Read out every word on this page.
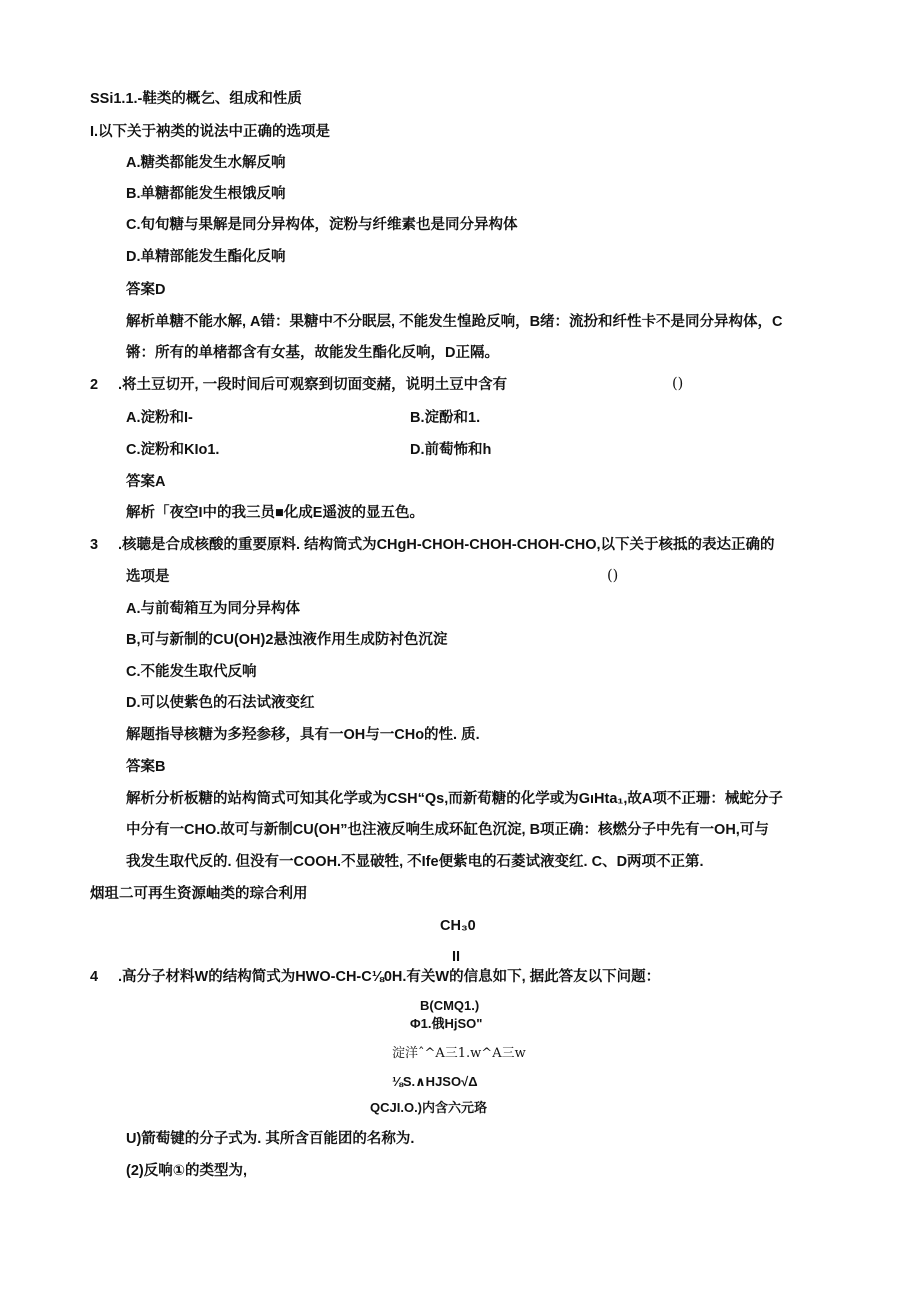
SSi1.1.-鞋类的概乞、组成和性质
I.以下关于衲类的说法中正确的选项是
A.糖类都能发生水解反响
B.单糖都能发生根饿反响
C.旬旬糖与果解是同分异构体，淀粉与纤维素也是同分异构体
D.单精部能发生酯化反响
答案D
解析单糖不能水解, A错：果糖中不分眠层, 不能发生惶跄反响，B绪：流扮和纤性卡不是同分异构体，C
锵：所有的单楮都含有女基，故能发生酯化反响，D正隔。
2 .将土豆切开, 一段时间后可观察到切面变赭，说明土豆中含有	()
A.淀粉和I-	B.淀酚和1.
C.淀粉和KIo1.	D.前萄怖和h
答案A
解析「夜空I中的我三员■化成E遥波的显五色。
3 .核聴是合成核酸的重要原料. 结构筒式为CHgH-CHOH-CHOH-CHOH-CHO,以下关于核抵的表达正确的
选项是	()
A.与前萄箱互为同分异构体
B,可与新制的CU(OH)2悬浊液作用生成防衬色沉淀
C.不能发生取代反响
D.可以使紫色的石法试液变红
解题指导核糖为多羟参移，具有一OH与一CHo的性. 质.
答案B
解析分析板糖的站构筒式可知其化学或为CSH“Qs,而新荀糖的化学或为GıHta₁,故A项不正珊：械蛇分子
中分有一CHO.故可与新制CU(OH”也注液反响生成环缸色沉淀, B项正确：核燃分子中先有一OH,可与
我发生取代反的. 但没有一COOH.不显破牲, 不Ife便紫电的石菱试液变红. C、D两项不正第.
烟珇二可再生资源岫类的琮合利用
CH₃0
II
4 .高分子材料W的结构简式为HWO-CH-C⅛0H.有关W的信息如下, 据此答友以下问题：
B(CMQ1.)
Φ1.俄HjSO"
淀洋ˆ^A三1.w^A三w
⅛S.∧HJSO√Δ
QCJI.O.)内含六元珞
U)箭萄键的分子式为. 其所含百能团的名称为.
(2)反响①的类型为,
